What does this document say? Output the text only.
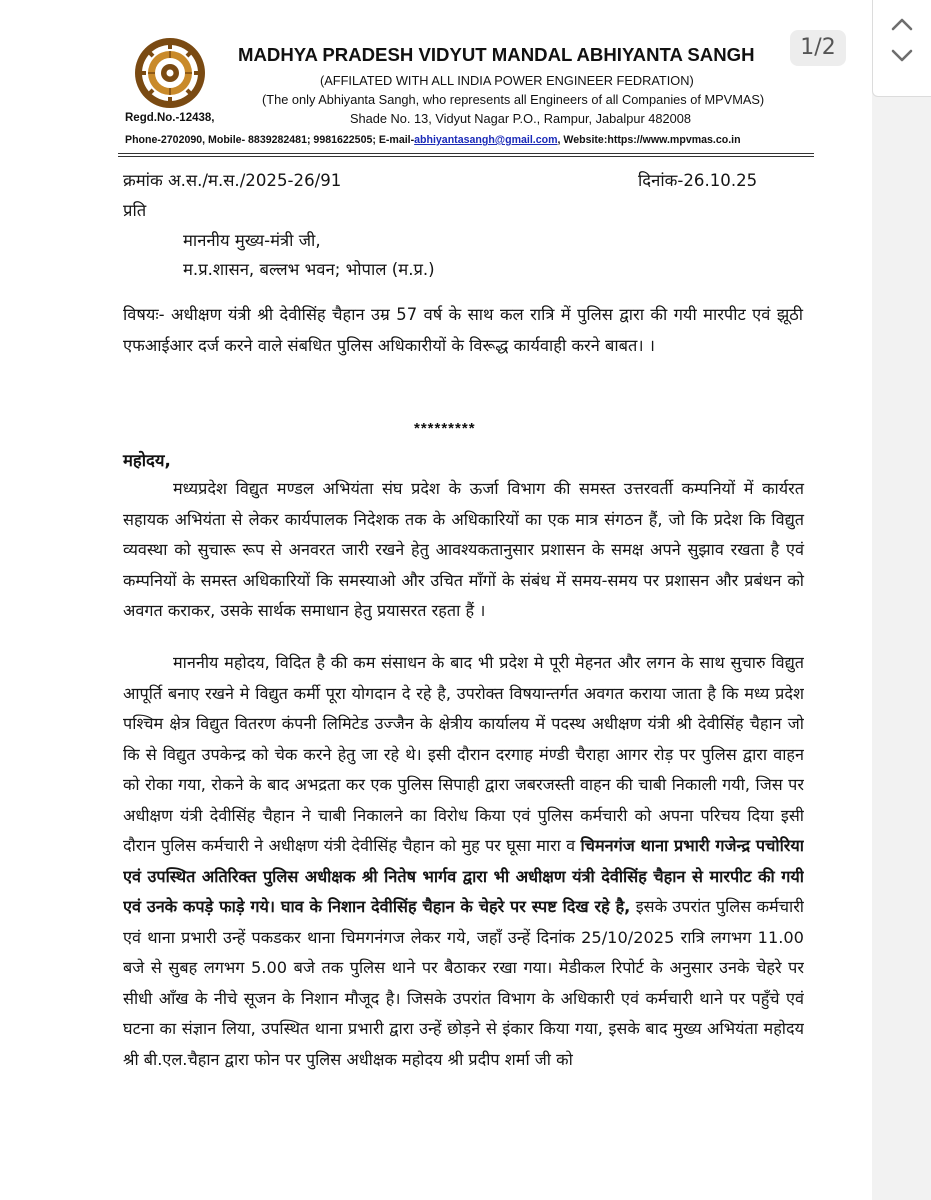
MADHYA PRADESH VIDYUT MANDAL ABHIYANTA SANGH
(AFFILATED WITH ALL INDIA POWER ENGINEER FEDRATION)
(The only Abhiyanta Sangh, who represents all Engineers of all Companies of MPVMAS)
Regd.No.-12438,	Shade No. 13, Vidyut Nagar P.O., Rampur, Jabalpur 482008
Phone-2702090, Mobile- 8839282481; 9981622505; E-mail-abhiyantasangh@gmail.com, Website:https://www.mpvmas.co.in
क्रमांक अ.स./म.स./2025-26/91	दिनांक-26.10.25
प्रति
माननीय मुख्य-मंत्री जी,
म.प्र.शासन, बल्लभ भवन; भोपाल (म.प्र.)
विषयः- अधीक्षण यंत्री श्री देवीसिंह चैहान उम्र 57 वर्ष के साथ कल रात्रि में पुलिस द्वारा की गयी मारपीट एवं झूठी एफआईआर दर्ज करने वाले संबधित पुलिस अधिकारीयों के विरूद्ध कार्यवाही करने बाबत। ।
*********
महोदय,
मध्यप्रदेश विद्युत मण्डल अभियंता संघ प्रदेश के ऊर्जा विभाग की समस्त उत्तरवर्ती कम्पनियों में कार्यरत सहायक अभियंता से लेकर कार्यपालक निदेशक तक के अधिकारियों का एक मात्र संगठन हैं, जो कि प्रदेश कि विद्युत व्यवस्था को सुचारू रूप से अनवरत जारी रखने हेतु आवश्यकतानुसार प्रशासन के समक्ष अपने सुझाव रखता है एवं कम्पनियों के समस्त अधिकारियों कि समस्याओ और उचित माँगों के संबंध में समय-समय पर प्रशासन और प्रबंधन को अवगत कराकर, उसके सार्थक समाधान हेतु प्रयासरत रहता हैं ।
माननीय महोदय, विदित है की कम संसाधन के बाद भी प्रदेश मे पूरी मेहनत और लगन के साथ सुचारु विद्युत आपूर्ति बनाए रखने मे विद्युत कर्मी पूरा योगदान दे रहे है, उपरोक्त विषयान्तर्गत अवगत कराया जाता है कि मध्य प्रदेश पश्चिम क्षेत्र विद्युत वितरण कंपनी लिमिटेड उज्जैन के क्षेत्रीय कार्यालय में पदस्थ अधीक्षण यंत्री श्री देवीसिंह चैहान जो कि से विद्युत उपकेन्द्र को चेक करने हेतु जा रहे थे। इसी दौरान दरगाह मंण्डी चैराहा आगर रोड़ पर पुलिस द्वारा वाहन को रोका गया, रोकने के बाद अभद्रता कर एक पुलिस सिपाही द्वारा जबरजस्ती वाहन की चाबी निकाली गयी, जिस पर अधीक्षण यंत्री देवीसिंह चैहान ने चाबी निकालने का विरोध किया एवं पुलिस कर्मचारी को अपना परिचय दिया इसी दौरान पुलिस कर्मचारी ने अधीक्षण यंत्री देवीसिंह चैहान को मुह पर घूसा मारा व चिमनगंज थाना प्रभारी गजेन्द्र पचोरिया एवं उपस्थित अतिरिक्त पुलिस अधीक्षक श्री नितेष भार्गव द्वारा भी अधीक्षण यंत्री देवीसिंह चैहान से मारपीट की गयी एवं उनके कपड़े फाड़े गये। घाव के निशान देवीसिंह चैहान के चेहरे पर स्पष्ट दिख रहे है, इसके उपरांत पुलिस कर्मचारी एवं थाना प्रभारी उन्हें पकडकर थाना चिमगनंगज लेकर गये, जहाँ उन्हें दिनांक 25/10/2025 रात्रि लगभग 11.00 बजे से सुबह लगभग 5.00 बजे तक पुलिस थाने पर बैठाकर रखा गया। मेडीकल रिपोर्ट के अनुसार उनके चेहरे पर सीधी आँख के नीचे सूजन के निशान मौजूद है। जिसके उपरांत विभाग के अधिकारी एवं कर्मचारी थाने पर पहुँचे एवं घटना का संज्ञान लिया, उपस्थित थाना प्रभारी द्वारा उन्हें छोड़ने से इंकार किया गया, इसके बाद मुख्य अभियंता महोदय श्री बी.एल.चैहान द्वारा फोन पर पुलिस अधीक्षक महोदय श्री प्रदीप शर्मा जी को
1/2
